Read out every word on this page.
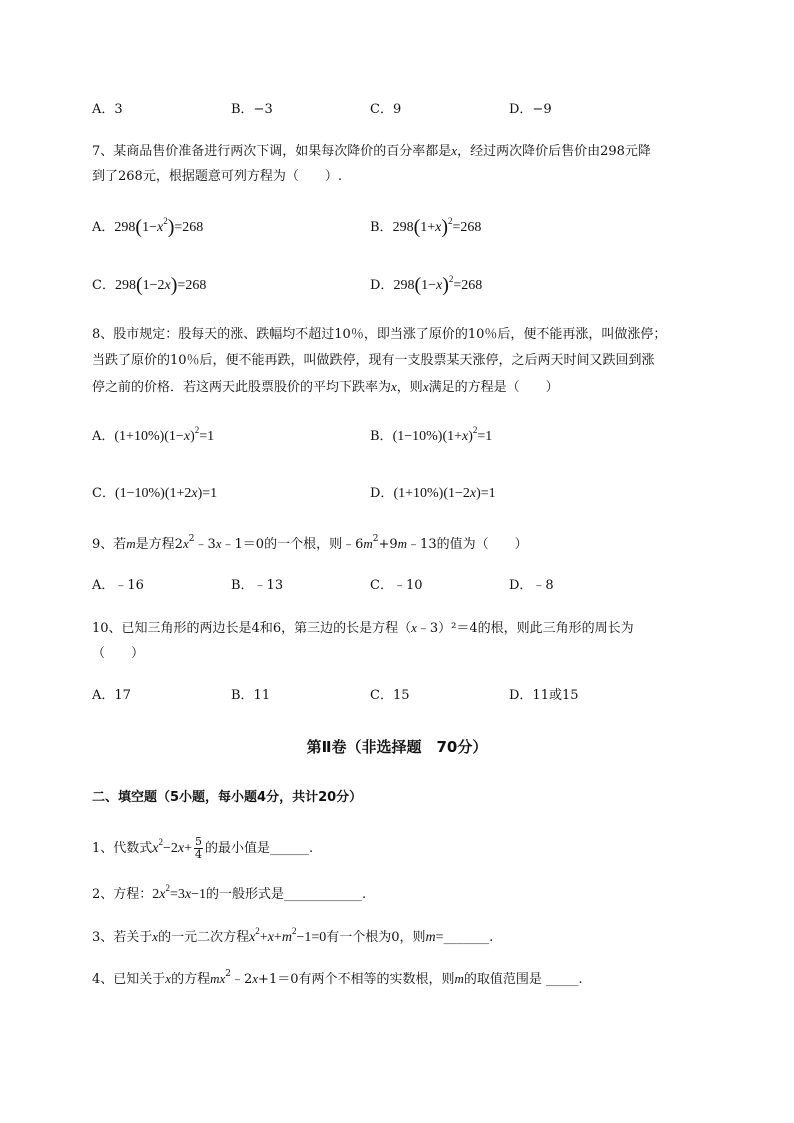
A．3	B．−3	C．9	D．−9
7、某商品售价准备进行两次下调，如果每次降价的百分率都是x，经过两次降价后售价由298元降
到了268元，根据题意可列方程为（　　）.
A．$298(1-x^2)=268$	B．$298(1+x)^2=268$
C．298(1−2x)=268	D．$298(1-x)^2=268$
8、股市规定：股每天的涨、跌幅均不超过10％，即当涨了原价的10％后，便不能再涨，叫做涨停；
当跌了原价的10％后，便不能再跌，叫做跌停，现有一支股票某天涨停，之后两天时间又跌回到涨
停之前的价格．若这两天此股票股价的平均下跌率为x，则x满足的方程是（　　）
A．$(1+10\%)(1-x)^2=1$	B．$(1-10\%)(1+x)^2=1$
C．(1−10%)(1+2x)=1	D．(1+10%)(1−2x)=1
9、若m是方程$2x^2﹣3x﹣1=0$的一个根，则$﹣6m^2+9m﹣13$的值为（　　）
A．﹣16	B．﹣13	C．﹣10	D．﹣8
10、已知三角形的两边长是4和6，第三边的长是方程（x﹣3）²＝4的根，则此三角形的周长为
（　　）
A．17	B．11	C．15	D．11或15
第Ⅱ卷（非选择题　70分）
二、填空题（5小题，每小题4分，共计20分）
1、代数式$x^2-2x+ \frac{5}{4}$ 的最小值是______.
2、方程：$2x^2=3x-1$的一般形式是____________.
3、若关于x的一元二次方程$x^2+x+m^2-1=0$有一个根为0，则m=_______.
4、已知关于x的方程$mx^2﹣2x+1=0$有两个不相等的实数根，则m的取值范围是 _____.
